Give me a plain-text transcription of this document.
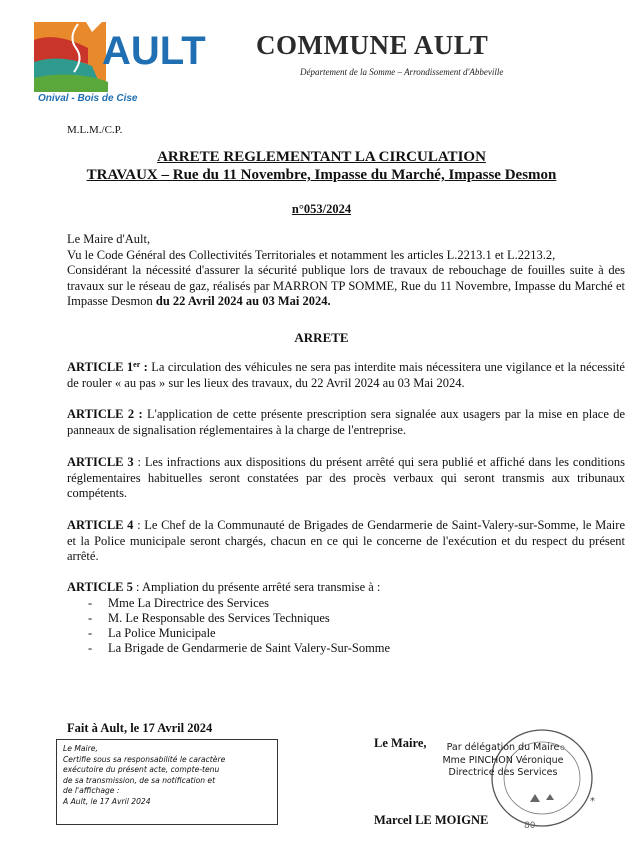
AULT
Onival - Bois de Cise
COMMUNE AULT
Département de la Somme – Arrondissement d'Abbeville
M.L.M./C.P.
ARRETE REGLEMENTANT LA CIRCULATION
TRAVAUX – Rue du 11 Novembre, Impasse du Marché, Impasse Desmon
n°053/2024

Le Maire d'Ault,

Vu le Code Général des Collectivités Territoriales et notamment les articles L.2213.1 et L.2213.2,

Considérant la nécessité d'assurer la sécurité publique lors de travaux de rebouchage de fouilles suite à des travaux sur le réseau de gaz, réalisés par MARRON TP SOMME, Rue du 11 Novembre, Impasse du Marché et Impasse Desmon du 22 Avril 2024 au 03 Mai 2024.

ARRETE
ARTICLE 1er : La circulation des véhicules ne sera pas interdite mais nécessitera une vigilance et la nécessité de rouler « au pas » sur les lieux des travaux, du 22 Avril 2024 au 03 Mai 2024.
ARTICLE 2 : L'application de cette présente prescription sera signalée aux usagers par la mise en place de panneaux de signalisation réglementaires à la charge de l'entreprise.
ARTICLE 3 : Les infractions aux dispositions du présent arrêté qui sera publié et affiché dans les conditions réglementaires habituelles seront constatées par des procès verbaux qui seront transmis aux tribunaux compétents.
ARTICLE 4 : Le Chef de la Communauté de Brigades de Gendarmerie de Saint-Valery-sur-Somme, le Maire et la Police municipale seront chargés, chacun en ce qui le concerne de l'exécution et du respect du présent arrêté.
ARTICLE 5 : Ampliation du présente arrêté sera transmise à :
- Mme La Directrice des Services
- M. Le Responsable des Services Techniques
- La Police Municipale
- La Brigade de Gendarmerie de Saint Valery-Sur-Somme
Fait à Ault, le 17 Avril 2024
Le Maire,
Certifie sous sa responsabilité le caractère
exécutoire du présent acte, compte-tenu
de sa transmission, de sa notification et
de l'affichage :
A Ault, le 17 Avril 2024
Le Maire,
*
80
o
Par délégation du Maire
Mme PINCHON Véronique
Directrice des Services
Marcel LE MOIGNE
